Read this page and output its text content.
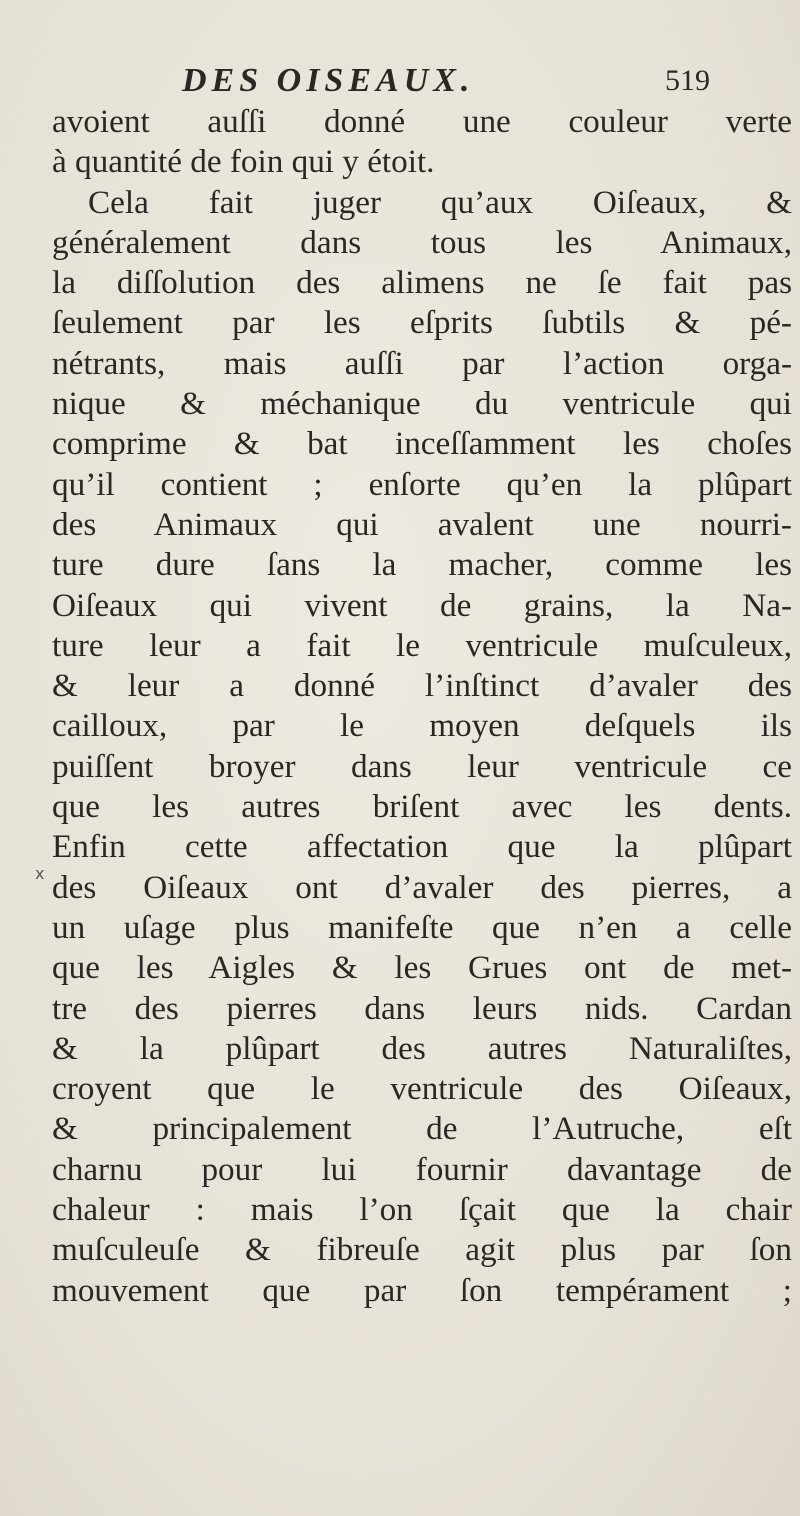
DES OISEAUX.	519
x
avoient auſſi donné une couleur verte
à quantité de foin qui y étoit.
Cela fait juger qu’aux Oiſeaux, &
généralement dans tous les Animaux,
la diſſolution des alimens ne ſe fait pas
ſeulement par les eſprits ſubtils & pé-
nétrants, mais auſſi par l’action orga-
nique & méchanique du ventricule qui
comprime & bat inceſſamment les choſes
qu’il contient ; enſorte qu’en la plûpart
des Animaux qui avalent une nourri-
ture dure ſans la macher, comme les
Oiſeaux qui vivent de grains, la Na-
ture leur a fait le ventricule muſculeux,
& leur a donné l’inſtinct d’avaler des
cailloux, par le moyen deſquels ils
puiſſent broyer dans leur ventricule ce
que les autres briſent avec les dents.
Enfin cette affectation que la plûpart
des Oiſeaux ont d’avaler des pierres, a
un uſage plus manifeſte que n’en a celle
que les Aigles & les Grues ont de met-
tre des pierres dans leurs nids. Cardan
& la plûpart des autres Naturaliſtes,
croyent que le ventricule des Oiſeaux,
& principalement de l’Autruche, eſt
charnu pour lui fournir davantage de
chaleur : mais l’on ſçait que la chair
muſculeuſe & fibreuſe agit plus par ſon
mouvement que par ſon tempérament ;
